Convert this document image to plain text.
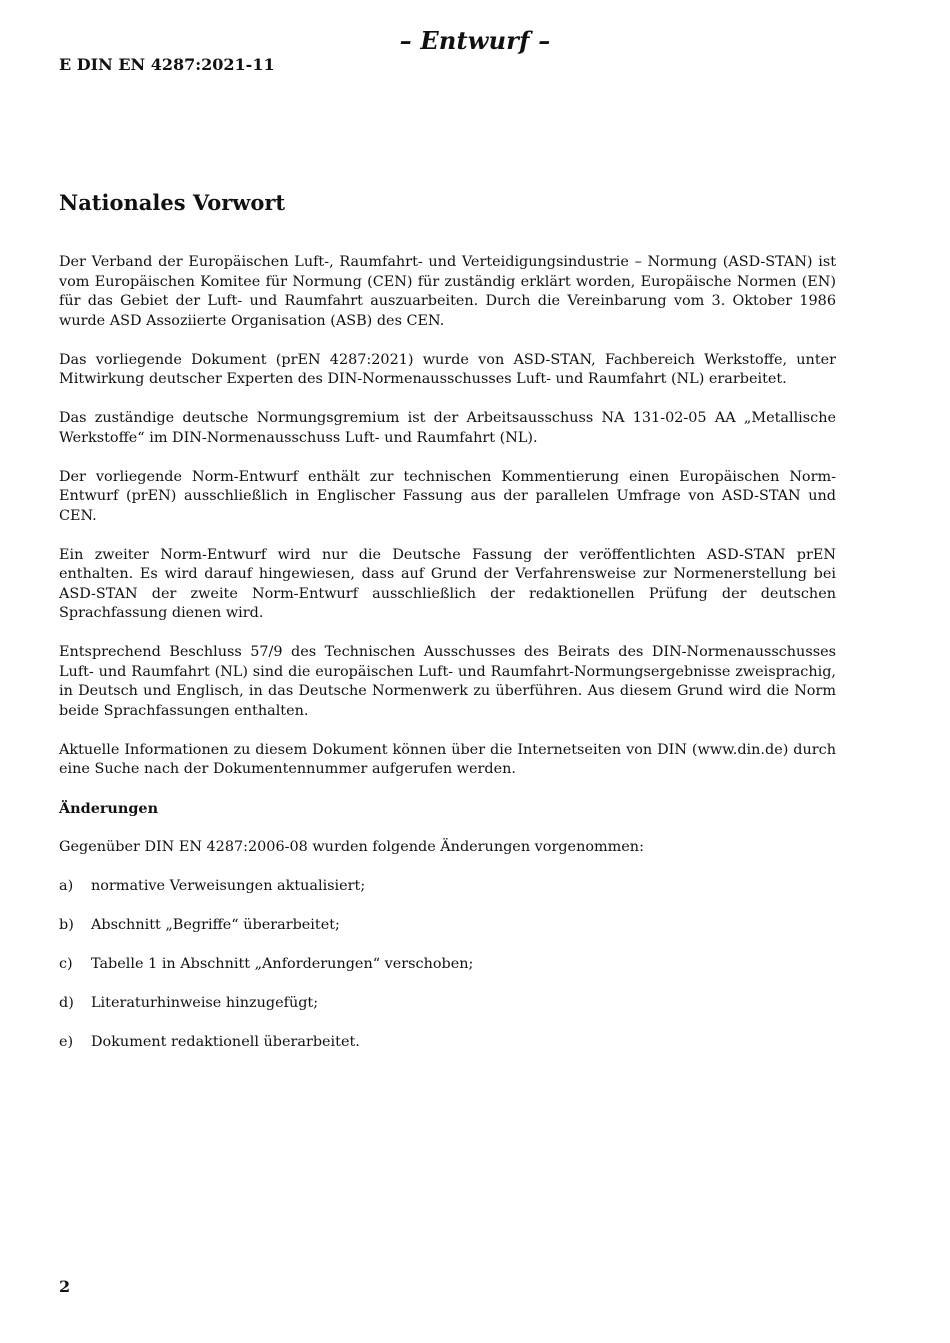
– Entwurf –
E DIN EN 4287:2021-11
Nationales Vorwort

Der Verband der Europäischen Luft-, Raumfahrt- und Verteidigungsindustrie – Normung (ASD-STAN) ist vom Europäischen Komitee für Normung (CEN) für zuständig erklärt worden, Europäische Normen (EN) für das Gebiet der Luft- und Raumfahrt auszuarbeiten. Durch die Vereinbarung vom 3. Oktober 1986 wurde ASD Assoziierte Organisation (ASB) des CEN.

Das vorliegende Dokument (prEN 4287:2021) wurde von ASD-STAN, Fachbereich Werkstoffe, unter Mitwirkung deutscher Experten des DIN-Normenausschusses Luft- und Raumfahrt (NL) erarbeitet.

Das zuständige deutsche Normungsgremium ist der Arbeitsausschuss NA 131-02-05 AA „Metallische Werkstoffe“ im DIN-Normenausschuss Luft- und Raumfahrt (NL).

Der vorliegende Norm-Entwurf enthält zur technischen Kommentierung einen Europäischen Norm-Entwurf (prEN) ausschließlich in Englischer Fassung aus der parallelen Umfrage von ASD-STAN und CEN.

Ein zweiter Norm-Entwurf wird nur die Deutsche Fassung der veröffentlichten ASD-STAN prEN enthalten. Es wird darauf hingewiesen, dass auf Grund der Verfahrensweise zur Normenerstellung bei ASD-STAN der zweite Norm-Entwurf ausschließlich der redaktionellen Prüfung der deutschen Sprachfassung dienen wird.

Entsprechend Beschluss 57/9 des Technischen Ausschusses des Beirats des DIN-Normenausschusses Luft- und Raumfahrt (NL) sind die europäischen Luft- und Raumfahrt-Normungsergebnisse zweisprachig, in Deutsch und Englisch, in das Deutsche Normenwerk zu überführen. Aus diesem Grund wird die Norm beide Sprachfassungen enthalten.

Aktuelle Informationen zu diesem Dokument können über die Internetseiten von DIN (www.din.de) durch eine Suche nach der Dokumentennummer aufgerufen werden.

Änderungen

Gegenüber DIN EN 4287:2006-08 wurden folgende Änderungen vorgenommen:

a)	normative Verweisungen aktualisiert;
b)	Abschnitt „Begriffe“ überarbeitet;
c)	Tabelle 1 in Abschnitt „Anforderungen“ verschoben;
d)	Literaturhinweise hinzugefügt;
e)	Dokument redaktionell überarbeitet.
2
